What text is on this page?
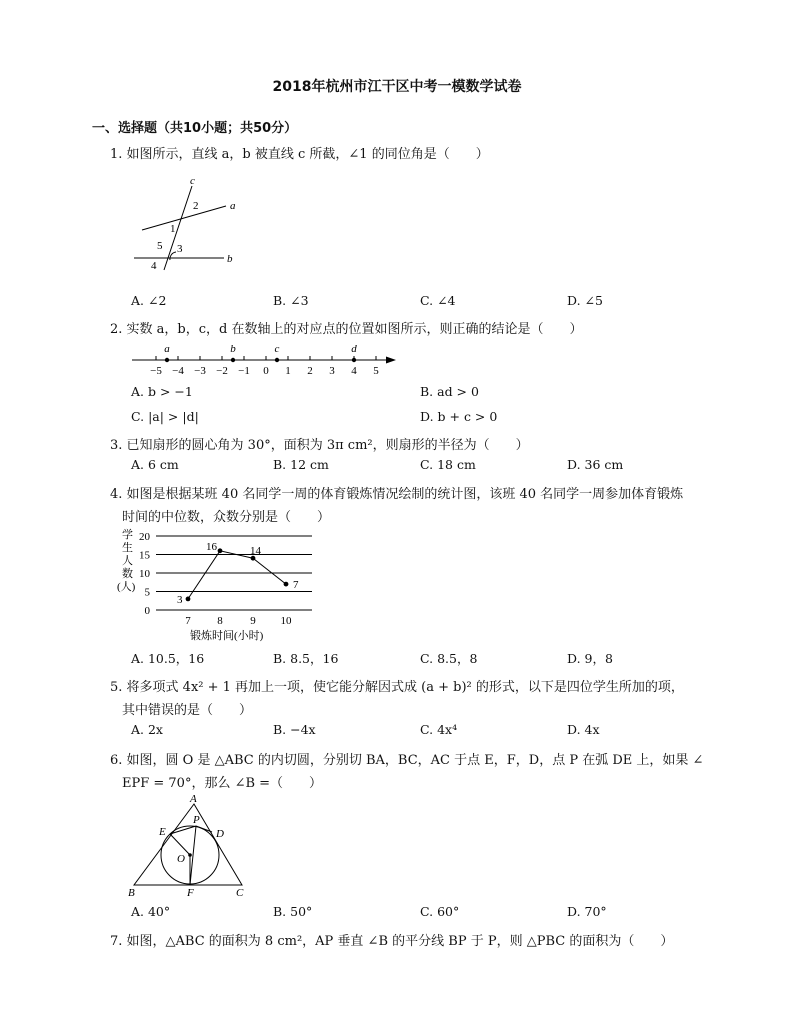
2018年杭州市江干区中考一模数学试卷
一、选择题（共10小题；共50分）
1. 如图所示，直线 a，b 被直线 c 所截，∠1 的同位角是（　　）
c
a
b
1
2
3
4
5
A. ∠2	B. ∠3	C. ∠4	D. ∠5
2. 实数 a，b，c，d 在数轴上的对应点的位置如图所示，则正确的结论是（　　）
−5 −4 −3 −2 −1 0 1 2 3 4 5
a	b	c	d
A. b > −1	B. ad > 0
C. |a| > |d|	D. b + c > 0
3. 已知扇形的圆心角为 30°，面积为 3π cm²，则扇形的半径为（　　）
A. 6 cm	B. 12 cm	C. 18 cm	D. 36 cm
4. 如图是根据某班 40 名同学一周的体育锻炼情况绘制的统计图，该班 40 名同学一周参加体育锻炼
时间的中位数，众数分别是（　　）
学
生
人
数
(人)
0
5
10
15
20
7 8	9 10
3
16	14
7
锻炼时间(小时)
A. 10.5，16	B. 8.5，16	C. 8.5，8	D. 9，8
5. 将多项式 4x² + 1 再加上一项，使它能分解因式成 (a + b)² 的形式，以下是四位学生所加的项，
其中错误的是（　　）
A. 2x	B. −4x	C. 4x⁴	D. 4x
6. 如图，圆 O 是 △ABC 的内切圆，分别切 BA，BC，AC 于点 E，F，D，点 P 在弧 DE 上，如果 ∠
EPF = 70°，那么 ∠B =（　　）
A
B	C
D
E
F
O
P
A. 40°	B. 50°	C. 60°	D. 70°
7. 如图，△ABC 的面积为 8 cm²，AP 垂直 ∠B 的平分线 BP 于 P，则 △PBC 的面积为（　　）
